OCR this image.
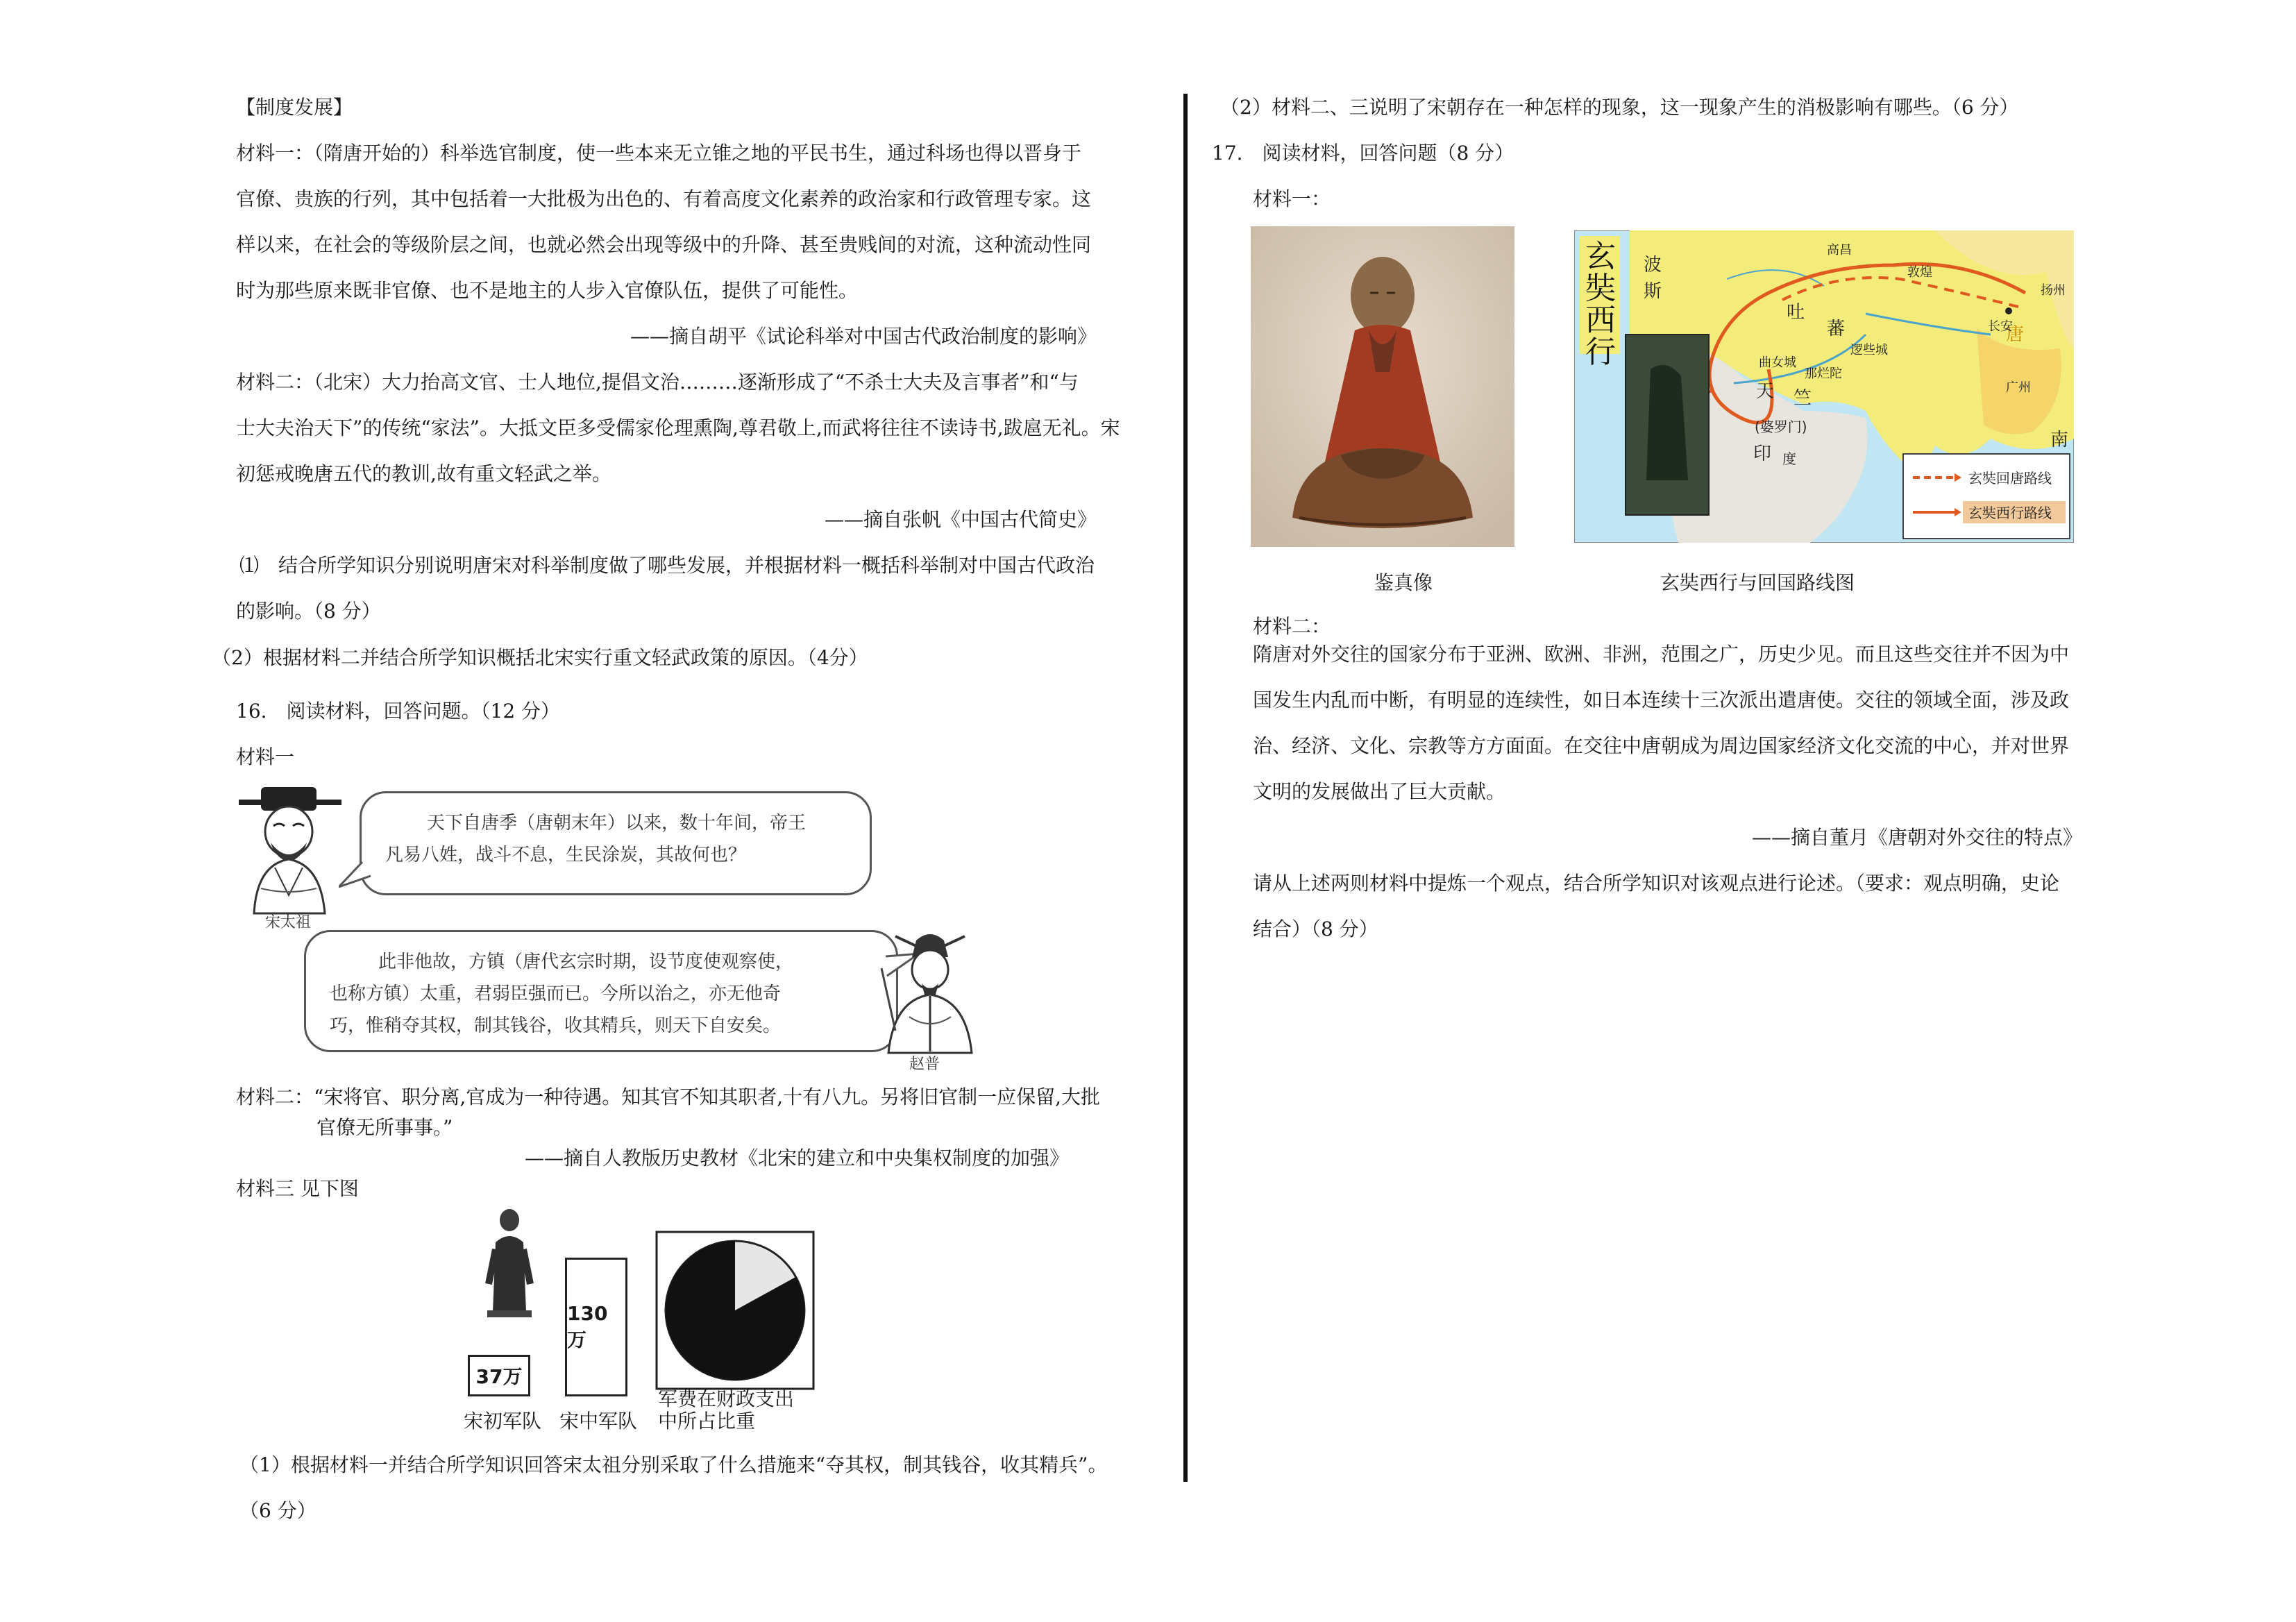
【制度发展】
材料一：（隋唐开始的）科举选官制度，使一些本来无立锥之地的平民书生，通过科场也得以晋身于
官僚、贵族的行列，其中包括着一大批极为出色的、有着高度文化素养的政治家和行政管理专家。这
样以来，在社会的等级阶层之间，也就必然会出现等级中的升降、甚至贵贱间的对流，这种流动性同
时为那些原来既非官僚、也不是地主的人步入官僚队伍，提供了可能性。
——摘自胡平《试论科举对中国古代政治制度的影响》
材料二：（北宋）大力抬高文官、士人地位,提倡文治………逐渐形成了“不杀士大夫及言事者”和“与
士大夫治天下”的传统“家法”。大抵文臣多受儒家伦理熏陶,尊君敬上,而武将往往不读诗书,跋扈无礼。宋
初惩戒晚唐五代的教训,故有重文轻武之举。
——摘自张帆《中国古代简史》
⑴　结合所学知识分别说明唐宋对科举制度做了哪些发展，并根据材料一概括科举制对中国古代政治
的影响。（8 分）
（2）根据材料二并结合所学知识概括北宋实行重文轻武政策的原因。（4分）
16.　阅读材料，回答问题。（12 分）
材料一
宋太祖
天下自唐季（唐朝末年）以来，数十年间，帝王
凡易八姓，战斗不息，生民涂炭，其故何也？
此非他故，方镇（唐代玄宗时期，设节度使观察使，
也称方镇）太重，君弱臣强而已。今所以治之，亦无他奇
巧，惟稍夺其权，制其钱谷，收其精兵，则天下自安矣。
赵普
材料二：“宋将官、职分离,官成为一种待遇。知其官不知其职者,十有八九。另将旧官制一应保留,大批
官僚无所事事。”
——摘自人教版历史教材《北宋的建立和中央集权制度的加强》
材料三 见下图
37万
130万
宋初军队 宋中军队
军费在财政支出
中所占比重
（1）根据材料一并结合所学知识回答宋太祖分别采取了什么措施来“夺其权，制其钱谷，收其精兵”。
（6 分）
（2）材料二、三说明了宋朝存在一种怎样的现象，这一现象产生的消极影响有哪些。（6 分）
17.　阅读材料，回答问题（8 分）
材料一：
玄 奘 西 行
波
斯
吐
蕃
天 竺
(婆罗门)
印 度
唐
南
长安
逻些城
广州
扬州
高昌
敦煌
那烂陀
曲女城
玄奘回唐路线
玄奘西行路线
鉴真像	玄奘西行与回国路线图
材料二：
隋唐对外交往的国家分布于亚洲、欧洲、非洲，范围之广，历史少见。而且这些交往并不因为中
国发生内乱而中断，有明显的连续性，如日本连续十三次派出遣唐使。交往的领域全面，涉及政
治、经济、文化、宗教等方方面面。在交往中唐朝成为周边国家经济文化交流的中心，并对世界
文明的发展做出了巨大贡献。
——摘自董月《唐朝对外交往的特点》
请从上述两则材料中提炼一个观点，结合所学知识对该观点进行论述。（要求：观点明确，史论
结合）（8 分）
